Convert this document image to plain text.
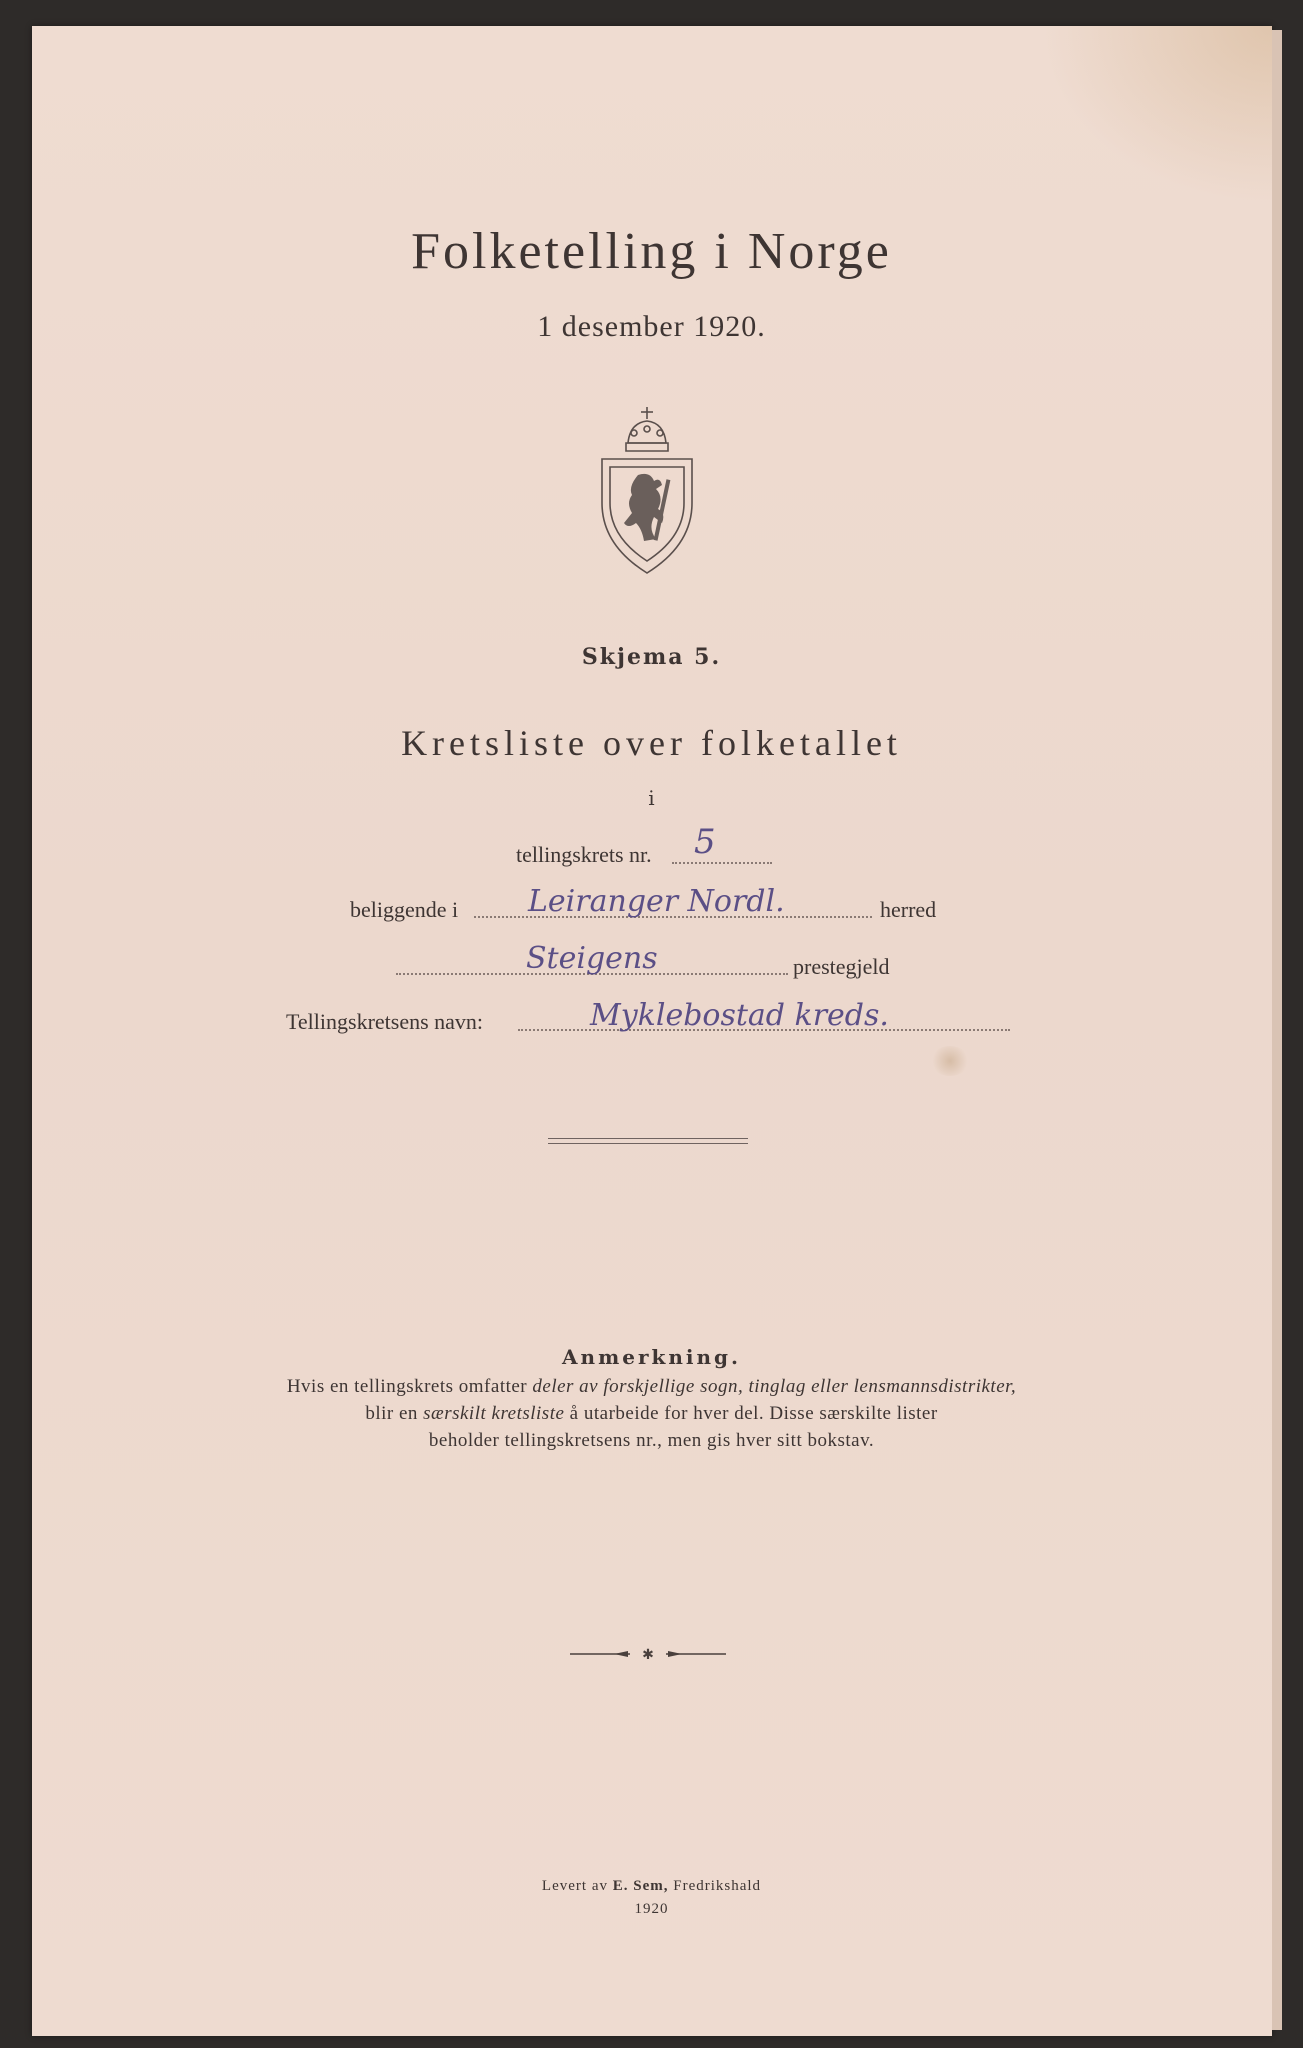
Folketelling i Norge
1 desember 1920.
Skjema 5.
Kretsliste over folketallet
i
tellingskrets nr. 5
beliggende i Leiranger Nordl.	herred
Steigens	prestegjeld
Tellingskretsens navn:	Myklebostad kreds.
Anmerkning.
Hvis en tellingskrets omfatter deler av forskjellige sogn, tinglag eller lensmannsdistrikter,
blir en særskilt kretsliste å utarbeide for hver del. Disse særskilte lister
beholder tellingskretsens nr., men gis hver sitt bokstav.
✱
Levert av E. Sem, Fredrikshald
1920
